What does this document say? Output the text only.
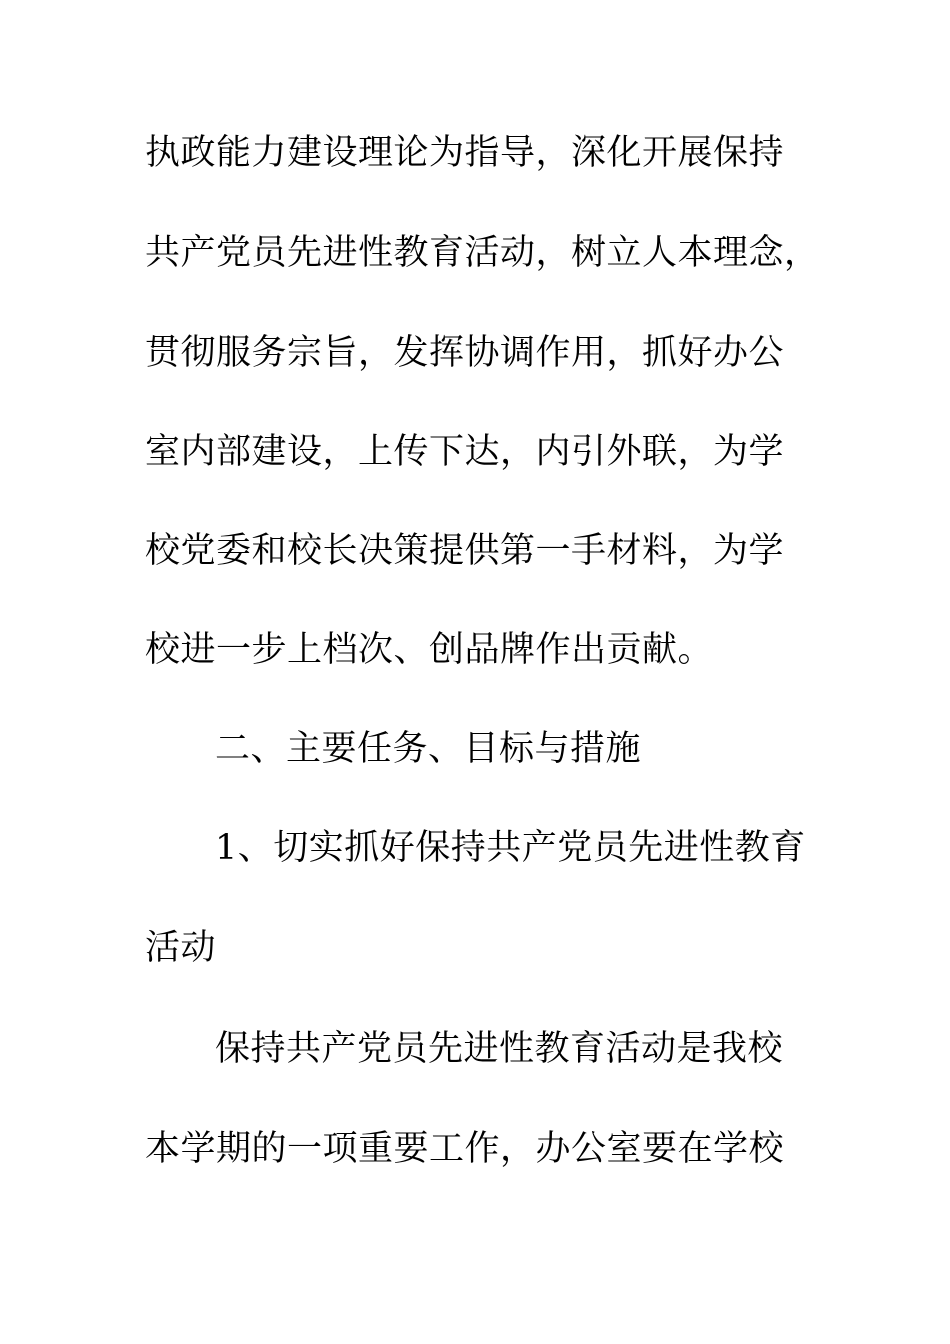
执政能力建设理论为指导，深化开展保持
共产党员先进性教育活动，树立人本理念，
贯彻服务宗旨，发挥协调作用，抓好办公
室内部建设，上传下达，内引外联，为学
校党委和校长决策提供第一手材料，为学
校进一步上档次、创品牌作出贡献。
二、主要任务、目标与措施
1、切实抓好保持共产党员先进性教育
活动
保持共产党员先进性教育活动是我校
本学期的一项重要工作，办公室要在学校
